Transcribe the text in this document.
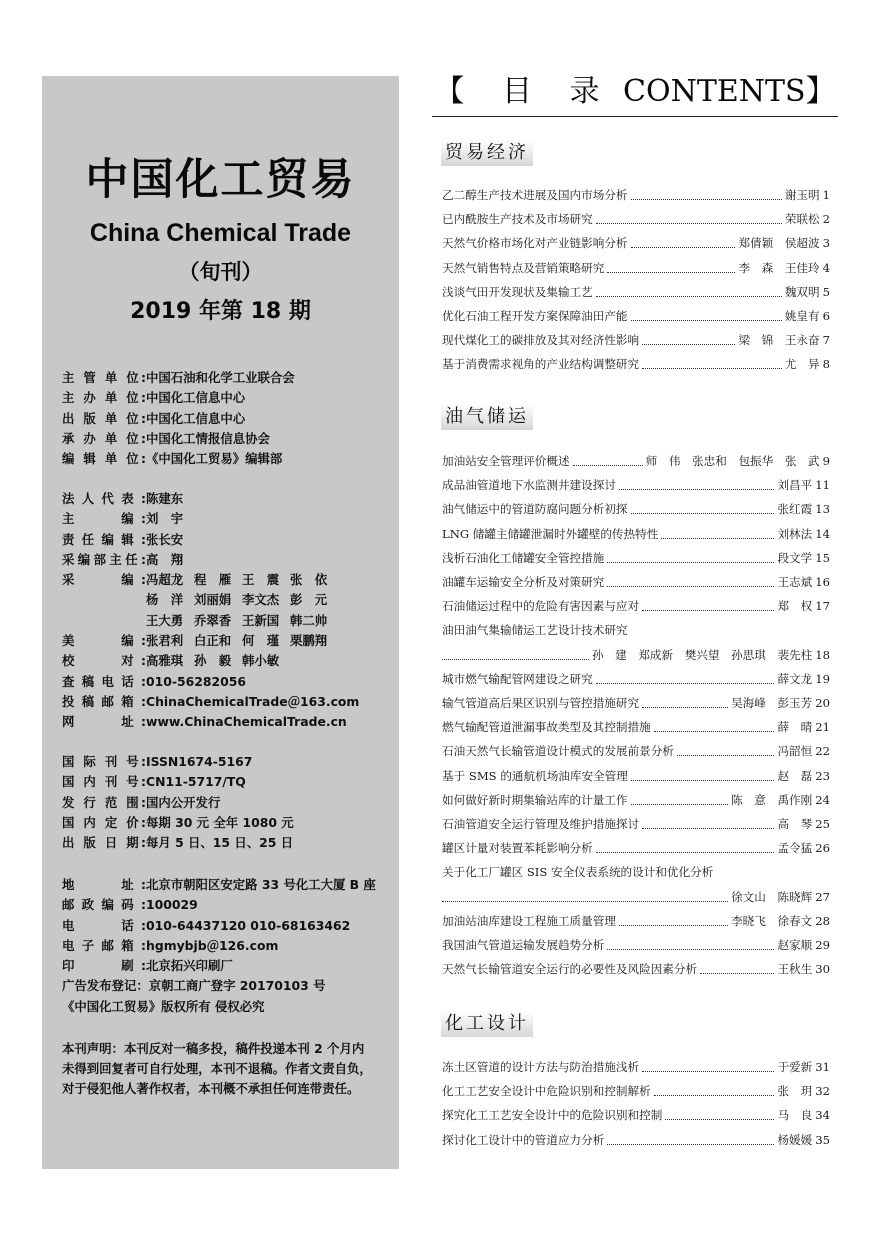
中国化工贸易
China Chemical Trade
（旬刊）
2019 年第 18 期
主 管 单 位: 中国石油和化学工业联合会
主 办 单 位: 中国化工信息中心
出 版 单 位: 中国化工信息中心
承 办 单 位: 中国化工情报信息协会
编 辑 单 位: 《中国化工贸易》编辑部
法人代表: 陈建东
主　　编: 刘　宇
责任编辑: 张长安
采编部主任: 高　翔
采　　编: 冯超龙 程　雁 王　震 张　依
杨　洋 刘丽娟 李文杰 彭　元
王大勇 乔翠香 王新国 韩二帅
美　　编: 张君利 白正和 何　瑾 栗鹏翔
校　　对: 高雅琪 孙　毅 韩小敏
查稿电话: 010-56282056
投稿邮箱: ChinaChemicalTrade＠163.com
网　　址: www.ChinaChemicalTrade.cn
国 际 刊 号: ISSN1674-5167
国 内 刊 号: CN11-5717/TQ
发 行 范 围: 国内公开发行
国 内 定 价: 每期 30 元 全年 1080 元
出 版 日 期: 每月 5 日、15 日、25 日
地　　址: 北京市朝阳区安定路 33 号化工大厦 B 座
邮政编码: 100029
电　　话: 010-64437120 010-68163462
电子邮箱: hgmybjb＠126.com
印　　刷: 北京拓兴印刷厂
广告发布登记：京朝工商广登字 20170103 号
《中国化工贸易》版权所有 侵权必究
本刊声明：本刊反对一稿多投，稿件投递本刊 2 个月内未得到回复者可自行处理，本刊不退稿。作者文责自负，对于侵犯他人著作权者，本刊概不承担任何连带责任。
【 目 录 CONTENTS】
贸易经济
乙二醇生产技术进展及国内市场分析	谢玉明 1
已内酰胺生产技术及市场研究	荣联松 2
天然气价格市场化对产业链影响分析	郑倩颖　侯超波 3
天然气销售特点及营销策略研究	李　森　王佳玲 4
浅谈气田开发现状及集输工艺	魏双明 5
优化石油工程开发方案保障油田产能	姚皇有 6
现代煤化工的碳排放及其对经济性影响	梁　锦　王永奋 7
基于消费需求视角的产业结构调整研究	尤　异 8
油气储运
加油站安全管理评价概述	师　伟　张忠和　包振华　张　武 9
成品油管道地下水监测井建设探讨	刘昌平 11
油气储运中的管道防腐问题分析初探	张红霞 13
LNG 储罐主储罐泄漏时外罐壁的传热特性	刘林法 14
浅析石油化工储罐安全管控措施	段文学 15
油罐车运输安全分析及对策研究	王志斌 16
石油储运过程中的危险有害因素与应对	郑　权 17
油田油气集输储运工艺设计技术研究
孙　建　郑成新　樊兴望　孙思琪　裴先柱 18
城市燃气输配管网建设之研究	薛文龙 19
输气管道高后果区识别与管控措施研究	吴海峰　彭玉芳 20
燃气输配管道泄漏事故类型及其控制措施	薛　晴 21
石油天然气长输管道设计模式的发展前景分析	冯韶恒 22
基于 SMS 的通航机场油库安全管理	赵　磊 23
如何做好新时期集输站库的计量工作	陈　意　禹作刚 24
石油管道安全运行管理及维护措施探讨	高　琴 25
罐区计量对装置苯耗影响分析	孟令猛 26
关于化工厂罐区 SIS 安全仪表系统的设计和优化分析
徐文山　陈晓辉 27
加油站油库建设工程施工质量管理	李晓飞　徐春文 28
我国油气管道运输发展趋势分析	赵家顺 29
天然气长输管道安全运行的必要性及风险因素分析	王秋生 30
化工设计
冻土区管道的设计方法与防治措施浅析	于爱新 31
化工工艺安全设计中危险识别和控制解析	张　玥 32
探究化工工艺安全设计中的危险识别和控制	马　良 34
探讨化工设计中的管道应力分析	杨媛媛 35
